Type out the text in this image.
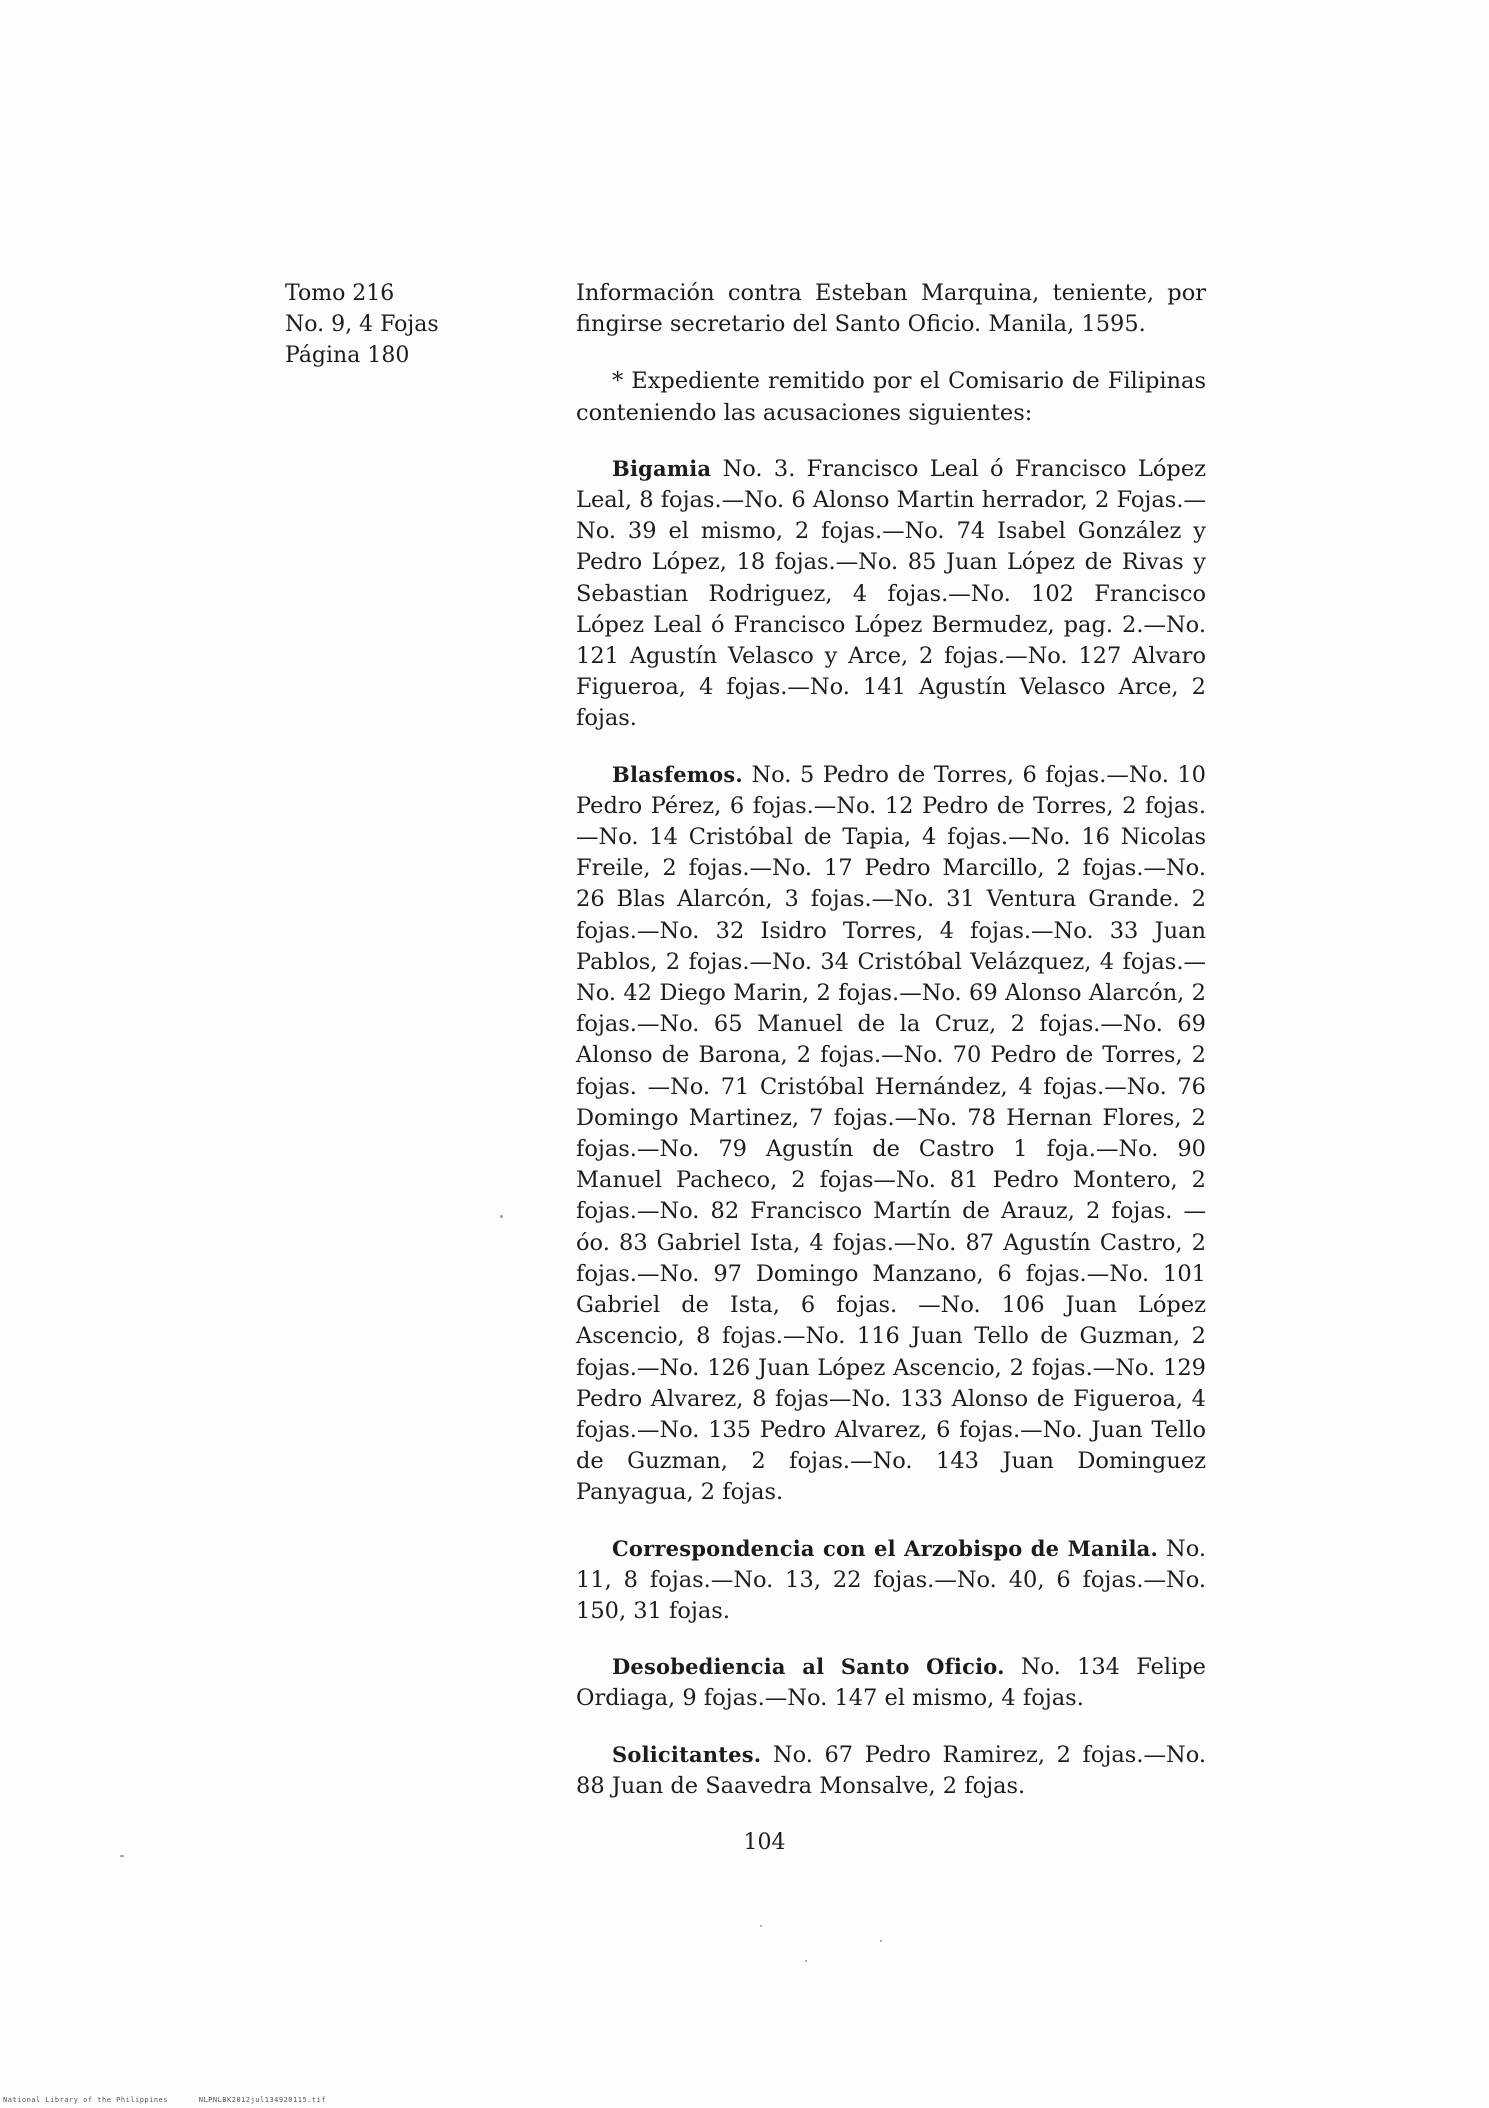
Tomo 216
No. 9, 4 Fojas
Página 180

Información contra Esteban Marquina, teniente, por fingirse secretario del Santo Oficio. Manila, 1595.

* Expediente remitido por el Comisario de Filipinas conteniendo las acusaciones siguientes:

Bigamia No. 3. Francisco Leal ó Francisco López Leal, 8 fojas.—No. 6 Alonso Martin herrador, 2 Fojas.—No. 39 el mismo, 2 fojas.—No. 74 Isabel González y Pedro López, 18 fojas.—No. 85 Juan López de Rivas y Sebastian Rodriguez, 4 fojas.—No. 102 Francisco López Leal ó Francisco López Bermudez, pag. 2.—No. 121 Agustín Velasco y Arce, 2 fojas.—No. 127 Alvaro Figueroa, 4 fojas.—No. 141 Agustín Velasco Arce, 2 fojas.

Blasfemos. No. 5 Pedro de Torres, 6 fojas.—No. 10 Pedro Pérez, 6 fojas.—No. 12 Pedro de Torres, 2 fojas.—No. 14 Cristóbal de Tapia, 4 fojas.—No. 16 Nicolas Freile, 2 fojas.—No. 17 Pedro Marcillo, 2 fojas.—No. 26 Blas Alarcón, 3 fojas.—No. 31 Ventura Grande. 2 fojas.—No. 32 Isidro Torres, 4 fojas.—No. 33 Juan Pablos, 2 fojas.—No. 34 Cristóbal Velázquez, 4 fojas.—No. 42 Diego Marin, 2 fojas.—No. 69 Alonso Alarcón, 2 fojas.—No. 65 Manuel de la Cruz, 2 fojas.—No. 69 Alonso de Barona, 2 fojas.—No. 70 Pedro de Torres, 2 fojas. —No. 71 Cristóbal Hernández, 4 fojas.—No. 76 Domingo Martinez, 7 fojas.—No. 78 Hernan Flores, 2 fojas.—No. 79 Agustín de Castro 1 foja.—No. 90 Manuel Pacheco, 2 fojas—No. 81 Pedro Montero, 2 fojas.—No. 82 Francisco Martín de Arauz, 2 fojas. —óo. 83 Gabriel Ista, 4 fojas.—No. 87 Agustín Castro, 2 fojas.—No. 97 Domingo Manzano, 6 fojas.—No. 101 Gabriel de Ista, 6 fojas. —No. 106 Juan López Ascencio, 8 fojas.—No. 116 Juan Tello de Guzman, 2 fojas.—No. 126 Juan López Ascencio, 2 fojas.—No. 129 Pedro Alvarez, 8 fojas—No. 133 Alonso de Figueroa, 4 fojas.—No. 135 Pedro Alvarez, 6 fojas.—No. Juan Tello de Guzman, 2 fojas.—No. 143 Juan Dominguez Panyagua, 2 fojas.

Correspondencia con el Arzobispo de Manila. No. 11, 8 fojas.—No. 13, 22 fojas.—No. 40, 6 fojas.—No. 150, 31 fojas.

Desobediencia al Santo Oficio. No. 134 Felipe Ordiaga, 9 fojas.—No. 147 el mismo, 4 fojas.

Solicitantes. No. 67 Pedro Ramirez, 2 fojas.—No. 88 Juan de Saavedra Monsalve, 2 fojas.

104
National Library of the Philippines	NLPNLBK2012jul134920115.tif
